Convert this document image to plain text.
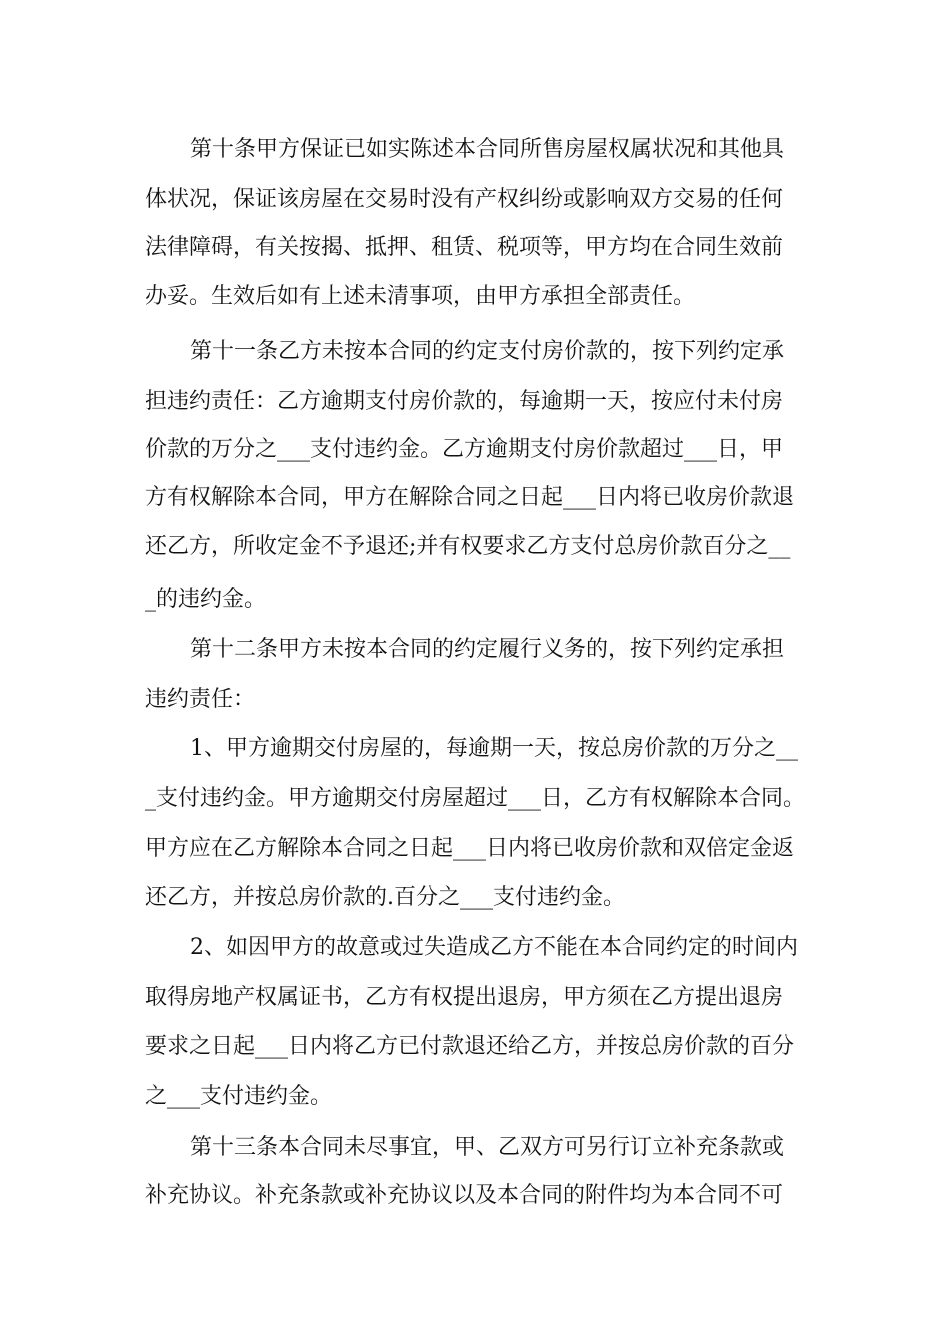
第十条甲方保证已如实陈述本合同所售房屋权属状况和其他具
体状况，保证该房屋在交易时没有产权纠纷或影响双方交易的任何
法律障碍，有关按揭、抵押、租赁、税项等，甲方均在合同生效前
办妥。生效后如有上述未清事项，由甲方承担全部责任。
第十一条乙方未按本合同的约定支付房价款的，按下列约定承
担违约责任：乙方逾期支付房价款的，每逾期一天，按应付未付房
价款的万分之___支付违约金。乙方逾期支付房价款超过___日，甲
方有权解除本合同，甲方在解除合同之日起___日内将已收房价款退
还乙方，所收定金不予退还;并有权要求乙方支付总房价款百分之__
_的违约金。
第十二条甲方未按本合同的约定履行义务的，按下列约定承担
违约责任：
1、甲方逾期交付房屋的，每逾期一天，按总房价款的万分之__
_支付违约金。甲方逾期交付房屋超过___日，乙方有权解除本合同。
甲方应在乙方解除本合同之日起___日内将已收房价款和双倍定金返
还乙方，并按总房价款的.百分之___支付违约金。
2、如因甲方的故意或过失造成乙方不能在本合同约定的时间内
取得房地产权属证书，乙方有权提出退房，甲方须在乙方提出退房
要求之日起___日内将乙方已付款退还给乙方，并按总房价款的百分
之___支付违约金。
第十三条本合同未尽事宜，甲、乙双方可另行订立补充条款或
补充协议。补充条款或补充协议以及本合同的附件均为本合同不可
